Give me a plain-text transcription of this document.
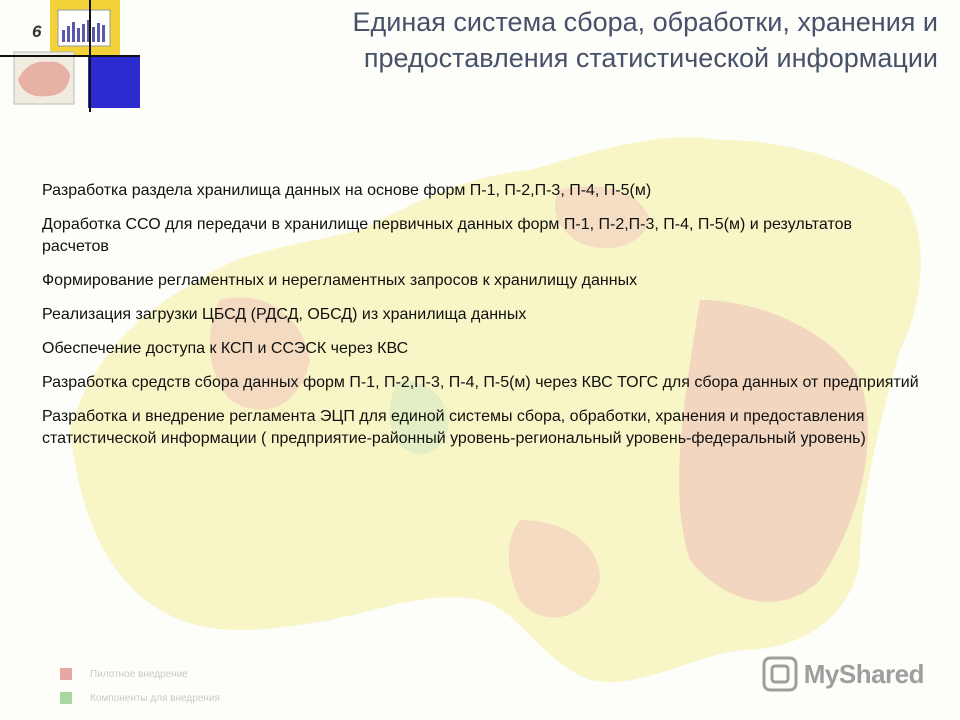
6	Единая система сбора, обработки, хранения и
предоставления статистической информации

Разработка раздела хранилища данных на основе форм П-1, П-2,П-3, П-4, П-5(м)

Доработка ССО для передачи в хранилище первичных данных форм П-1, П-2,П-3, П-4, П-5(м) и результатов расчетов

Формирование регламентных и нерегламентных запросов к хранилищу данных

Реализация загрузки ЦБСД (РДСД, ОБСД) из хранилища данных

Обеспечение доступа к КСП и ССЭСК через КВС

Разработка средств сбора данных форм П-1, П-2,П-3, П-4, П-5(м) через КВС ТОГС для сбора данных от предприятий

Разработка и внедрение регламента ЭЦП для единой системы сбора, обработки, хранения и предоставления статистической информации ( предприятие-районный уровень-региональный уровень-федеральный уровень)

Пилотное внедрение
Компоненты для внедрения
MyShared
